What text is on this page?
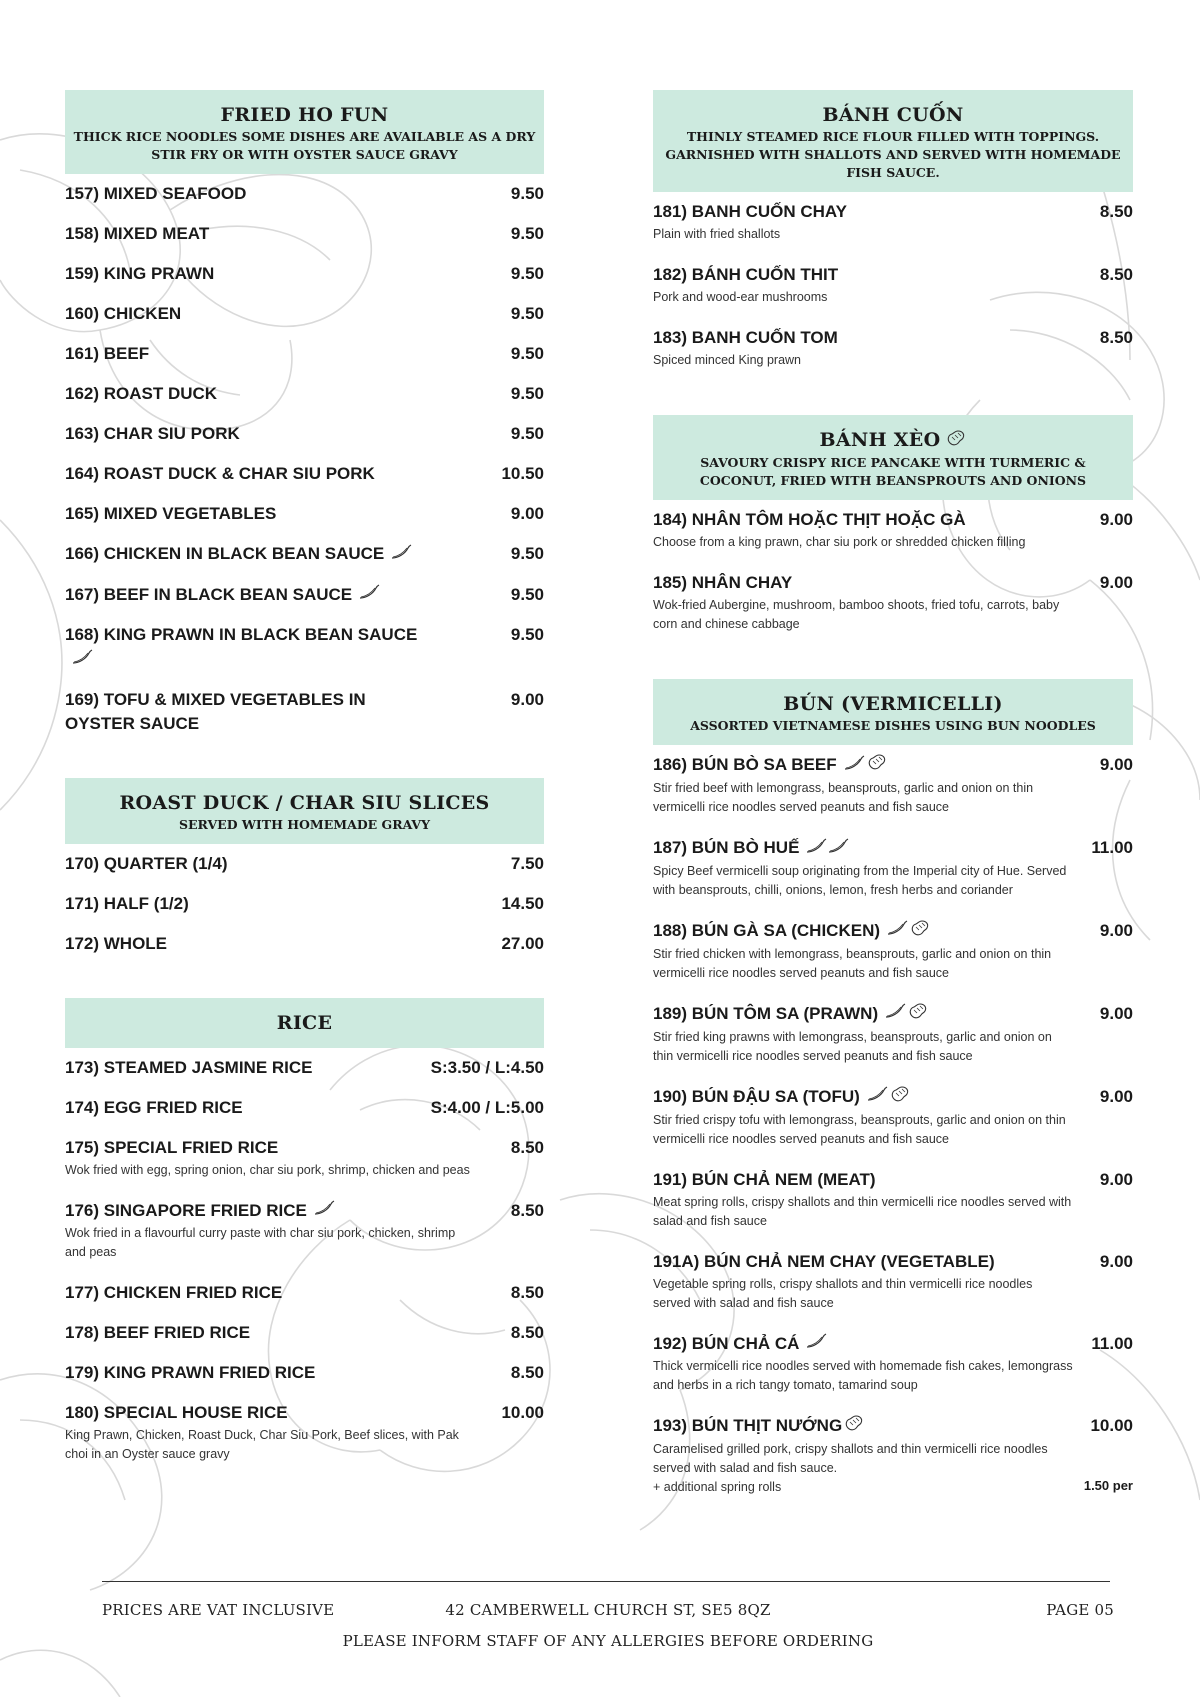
FRIED HO FUN
THICK RICE NOODLES SOME DISHES ARE AVAILABLE AS A DRY STIR FRY OR WITH OYSTER SAUCE GRAVY
157) MIXED SEAFOOD	9.50
158) MIXED MEAT	9.50
159) KING PRAWN	9.50
160) CHICKEN	9.50
161) BEEF	9.50
162) ROAST DUCK	9.50
163) CHAR SIU PORK	9.50
164) ROAST DUCK & CHAR SIU PORK	10.50
165) MIXED VEGETABLES	9.00
166) CHICKEN IN BLACK BEAN SAUCE	9.50
167) BEEF IN BLACK BEAN SAUCE	9.50
168) KING PRAWN IN BLACK BEAN SAUCE	9.50
169) TOFU & MIXED VEGETABLES IN OYSTER SAUCE
9.00
ROAST DUCK / CHAR SIU SLICES
SERVED WITH HOMEMADE GRAVY
170) QUARTER (1/4)	7.50
171) HALF (1/2)	14.50
172) WHOLE	27.00
RICE
173) STEAMED JASMINE RICE	S:3.50 / L:4.50
174) EGG FRIED RICE	S:4.00 / L:5.00
175) SPECIAL FRIED RICE
Wok fried with egg, spring onion, char siu pork, shrimp, chicken and peas
8.50
176) SINGAPORE FRIED RICE
Wok fried in a flavourful curry paste with char siu pork, chicken, shrimp and peas
8.50
177) CHICKEN FRIED RICE	8.50
178) BEEF FRIED RICE	8.50
179) KING PRAWN FRIED RICE	8.50
180) SPECIAL HOUSE RICE
King Prawn, Chicken, Roast Duck, Char Siu Pork, Beef slices, with Pak choi in an Oyster sauce gravy
10.00
BÁNH CUỐN
THINLY STEAMED RICE FLOUR FILLED WITH TOPPINGS. GARNISHED WITH SHALLOTS AND SERVED WITH HOMEMADE FISH SAUCE.
181) BANH CUỐN CHAY
Plain with fried shallots
8.50
182) BÁNH CUỐN THIT
Pork and wood-ear mushrooms
8.50
183) BANH CUỐN TOM
Spiced minced King prawn
8.50
BÁNH XÈO
SAVOURY CRISPY RICE PANCAKE WITH TURMERIC & COCONUT, FRIED WITH BEANSPROUTS AND ONIONS
184) NHÂN TÔM HOẶC THỊT HOẶC GÀ
Choose from a king prawn, char siu pork or shredded chicken filling
9.00
185) NHÂN CHAY
Wok-fried Aubergine, mushroom, bamboo shoots, fried tofu, carrots, baby corn and chinese cabbage
9.00
BÚN (VERMICELLI)
ASSORTED VIETNAMESE DISHES USING BUN NOODLES
186) BÚN BÒ SA BEEF
Stir fried beef with lemongrass, beansprouts, garlic and onion on thin vermicelli rice noodles served peanuts and fish sauce
9.00
187) BÚN BÒ HUẾ
Spicy Beef vermicelli soup originating from the Imperial city of Hue. Served with beansprouts, chilli, onions, lemon, fresh herbs and coriander
11.00
188) BÚN GÀ SA (CHICKEN)
Stir fried chicken with lemongrass, beansprouts, garlic and onion on thin vermicelli rice noodles served peanuts and fish sauce
9.00
189) BÚN TÔM SA (PRAWN)
Stir fried king prawns with lemongrass, beansprouts, garlic and onion on thin vermicelli rice noodles served peanuts and fish sauce
9.00
190) BÚN ĐẬU SA (TOFU)
Stir fried crispy tofu with lemongrass, beansprouts, garlic and onion on thin vermicelli rice noodles served peanuts and fish sauce
9.00
191) BÚN CHẢ NEM (MEAT)
Meat spring rolls, crispy shallots and thin vermicelli rice noodles served with salad and fish sauce
9.00
191A) BÚN CHẢ NEM CHAY (VEGETABLE)
Vegetable spring rolls, crispy shallots and thin vermicelli rice noodles served with salad and fish sauce
9.00
192) BÚN CHẢ CÁ
Thick vermicelli rice noodles served with homemade fish cakes, lemongrass and herbs in a rich tangy tomato, tamarind soup
11.00
193) BÚN THỊT NƯỚNG
Caramelised grilled pork, crispy shallots and thin vermicelli rice noodles served with salad and fish sauce.
10.00
+ additional spring rolls	1.50 per
PRICES ARE VAT INCLUSIVE	42 CAMBERWELL CHURCH ST, SE5 8QZ	PAGE 05
PLEASE INFORM STAFF OF ANY ALLERGIES BEFORE ORDERING
